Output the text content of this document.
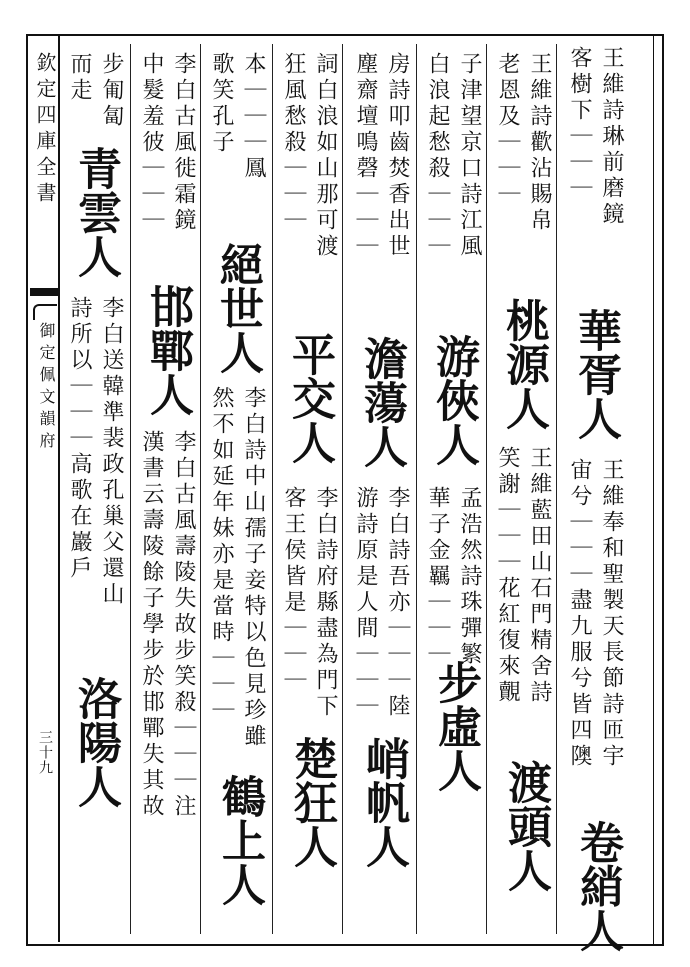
欽定四庫全書
御定佩文韻府
三十九
王維詩琳前磨鏡
客樹下｜｜｜
華胥人
王維奉和聖製天長節詩匝宇
宙兮｜｜｜盡九服兮皆四隩
王維詩歡沾賜帛
老恩及｜｜｜
桃源人
王維藍田山石門精舍詩
笑謝｜｜｜花紅復來覿
子津望京口詩江風
白浪起愁殺｜｜｜
游俠人
孟浩然詩珠彈繁
華子金羈｜｜｜
房詩叩齒焚香出世
塵齋壇鳴磬｜｜｜
澹蕩人
李白詩吾亦｜｜｜陸
游詩原是人間｜｜｜
詞白浪如山那可渡
狂風愁殺｜｜｜
平交人
李白詩府縣盡為門下
客王侯皆是｜｜｜
本｜｜｜鳳
歌笑孔子
絕世人
李白詩中山孺子妾特以色見珍雖
然不如延年妹亦是當時｜｜｜
李白古風徙霜鏡
中髮羞彼｜｜｜
邯鄲人
李白古風壽陵失故步笑殺｜｜｜注
漢書云壽陵餘子學步於邯鄲失其故
步匍匐
而走
青雲人
李白送韓準裴政孔巢父還山
詩所以｜｜｜高歌在巖戶
洛陽人
卷綃人
渡頭人
步虛人
峭帆人
楚狂人
鶴上人
